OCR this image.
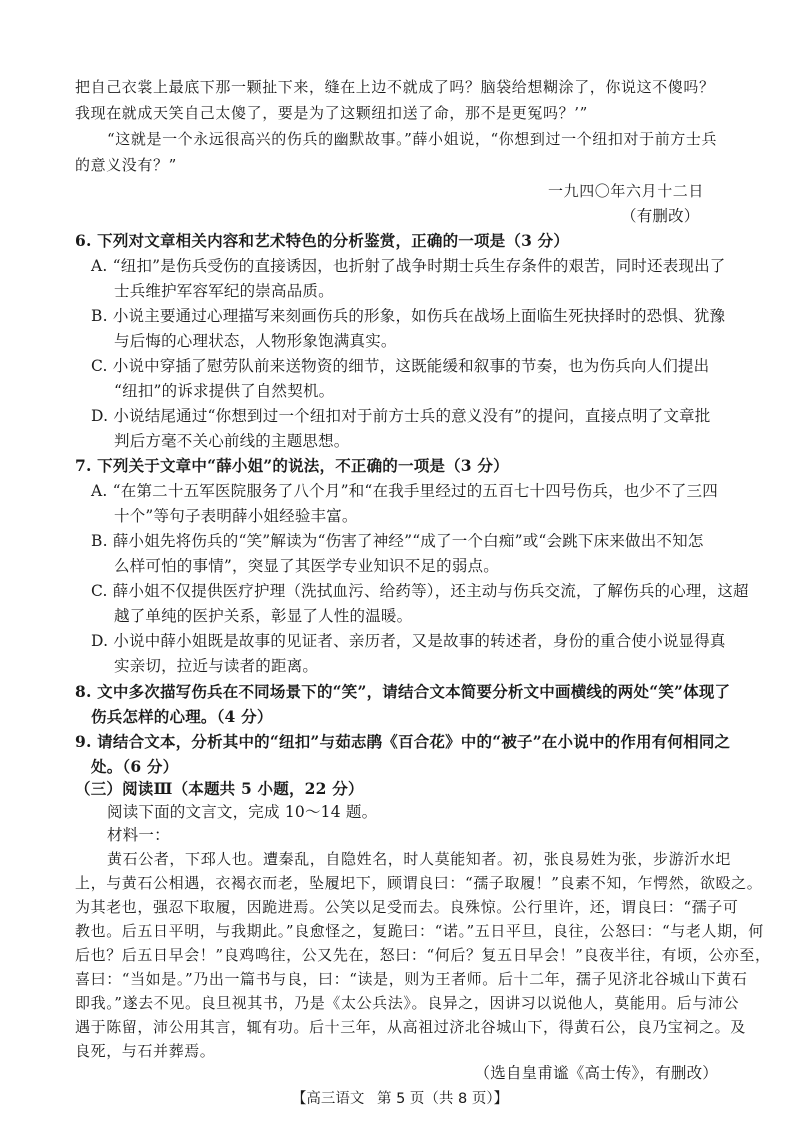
把自己衣裳上最底下那一颗扯下来，缝在上边不就成了吗？脑袋给想糊涂了，你说这不傻吗？
我现在就成天笑自己太傻了，要是为了这颗纽扣送了命，那不是更冤吗？’”
“这就是一个永远很高兴的伤兵的幽默故事。”薛小姐说，“你想到过一个纽扣对于前方士兵
的意义没有？”
一九四〇年六月十二日
（有删改）
6. 下列对文章相关内容和艺术特色的分析鉴赏，正确的一项是（3 分）
A. “纽扣”是伤兵受伤的直接诱因，也折射了战争时期士兵生存条件的艰苦，同时还表现出了
士兵维护军容军纪的崇高品质。
B. 小说主要通过心理描写来刻画伤兵的形象，如伤兵在战场上面临生死抉择时的恐惧、犹豫
与后悔的心理状态，人物形象饱满真实。
C. 小说中穿插了慰劳队前来送物资的细节，这既能缓和叙事的节奏，也为伤兵向人们提出
“纽扣”的诉求提供了自然契机。
D. 小说结尾通过“你想到过一个纽扣对于前方士兵的意义没有”的提问，直接点明了文章批
判后方毫不关心前线的主题思想。
7. 下列关于文章中“薛小姐”的说法，不正确的一项是（3 分）
A. “在第二十五军医院服务了八个月”和“在我手里经过的五百七十四号伤兵，也少不了三四
十个”等句子表明薛小姐经验丰富。
B. 薛小姐先将伤兵的“笑”解读为“伤害了神经”“成了一个白痴”或“会跳下床来做出不知怎
么样可怕的事情”，突显了其医学专业知识不足的弱点。
C. 薛小姐不仅提供医疗护理（洗拭血污、给药等），还主动与伤兵交流，了解伤兵的心理，这超
越了单纯的医护关系，彰显了人性的温暖。
D. 小说中薛小姐既是故事的见证者、亲历者，又是故事的转述者，身份的重合使小说显得真
实亲切，拉近与读者的距离。
8. 文中多次描写伤兵在不同场景下的“笑”，请结合文本简要分析文中画横线的两处“笑”体现了
伤兵怎样的心理。（4 分）
9. 请结合文本，分析其中的“纽扣”与茹志鹃《百合花》中的“被子”在小说中的作用有何相同之
处。（6 分）
（三）阅读Ⅲ（本题共 5 小题，22 分）
阅读下面的文言文，完成 10～14 题。
材料一：
黄石公者，下邳人也。遭秦乱，自隐姓名，时人莫能知者。初，张良易姓为张，步游沂水圯
上，与黄石公相遇，衣褐衣而老，坠履圯下，顾谓良曰：“孺子取履！”良素不知，乍愕然，欲殴之。
为其老也，强忍下取履，因跪进焉。公笑以足受而去。良殊惊。公行里许，还，谓良曰：“孺子可
教也。后五日平明，与我期此。”良愈怪之，复跪曰：“诺。”五日平旦，良往，公怒曰：“与老人期，何
后也？后五日早会！”良鸡鸣往，公又先在，怒曰：“何后？复五日早会！”良夜半往，有顷，公亦至，
喜曰：“当如是。”乃出一篇书与良，曰：“读是，则为王者师。后十二年，孺子见济北谷城山下黄石
即我。”遂去不见。良旦视其书，乃是《太公兵法》。良异之，因讲习以说他人，莫能用。后与沛公
遇于陈留，沛公用其言，辄有功。后十三年，从高祖过济北谷城山下，得黄石公，良乃宝祠之。及
良死，与石并葬焉。
（选自皇甫谧《高士传》，有删改）
【高三语文 第 5 页（共 8 页）】
